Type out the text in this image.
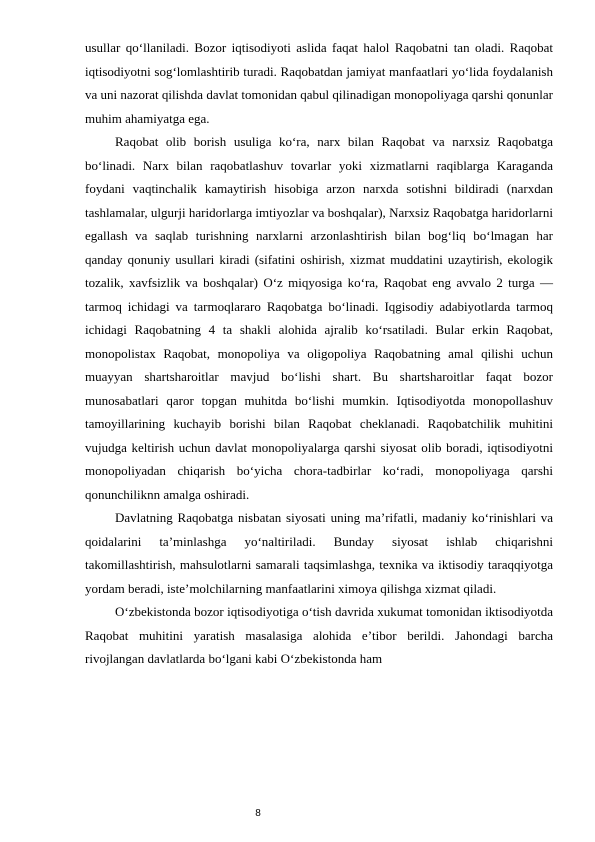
usullar qoʻllaniladi. Bozor iqtisodiyoti aslida faqat halol Raqobatni tan oladi. Raqobat iqtisodiyotni sogʻlomlashtirib turadi. Raqobatdan jamiyat manfaatlari yoʻlida foydalanish va uni nazorat qilishda davlat tomonidan qabul qilinadigan monopoliyaga qarshi qonunlar muhim ahamiyatga ega.

Raqobat olib borish usuliga koʻra, narx bilan Raqobat va narxsiz Raqobatga boʻlinadi. Narx bilan raqobatlashuv tovarlar yoki xizmatlarni raqiblarga Karaganda foydani vaqtinchalik kamaytirish hisobiga arzon narxda sotishni bildiradi (narxdan tashlamalar, ulgurji haridorlarga imtiyozlar va boshqalar), Narxsiz Raqobatga haridorlarni egallash va saqlab turishning narxlarni arzonlashtirish bilan bogʻliq boʻlmagan har qanday qonuniy usullari kiradi (sifatini oshirish, xizmat muddatini uzaytirish, ekologik tozalik, xavfsizlik va boshqalar) Oʻz miqyosiga koʻra, Raqobat eng avvalo 2 turga — tarmoq ichidagi va tarmoqlararo Raqobatga boʻlinadi. Iqgisodiy adabiyotlarda tarmoq ichidagi Raqobatning 4 ta shakli alohida ajralib koʻrsatiladi. Bular erkin Raqobat, monopolistax Raqobat, monopoliya va oligopoliya Raqobatning amal qilishi uchun muayyan shartsharoitlar mavjud boʻlishi shart. Bu shartsharoitlar faqat bozor munosabatlari qaror topgan muhitda boʻlishi mumkin. Iqtisodiyotda monopollashuv tamoyillarining kuchayib borishi bilan Raqobat cheklanadi. Raqobatchilik muhitini vujudga keltirish uchun davlat monopoliyalarga qarshi siyosat olib boradi, iqtisodiyotni monopoliyadan chiqarish boʻyicha chora-tadbirlar koʻradi, monopoliyaga qarshi qonunchiliknn amalga oshiradi.

Davlatning Raqobatga nisbatan siyosati uning maʼrifatli, madaniy koʻrinishlari va qoidalarini taʼminlashga yoʻnaltiriladi. Bunday siyosat ishlab chiqarishni takomillashtirish, mahsulotlarni samarali taqsimlashga, texnika va iktisodiy taraqqiyotga yordam beradi, isteʼmolchilarning manfaatlarini ximoya qilishga xizmat qiladi.

Oʻzbekistonda bozor iqtisodiyotiga oʻtish davrida xukumat tomonidan iktisodiyotda Raqobat muhitini yaratish masalasiga alohida eʼtibor berildi. Jahondagi barcha rivojlangan davlatlarda boʻlgani kabi Oʻzbekistonda ham

8
